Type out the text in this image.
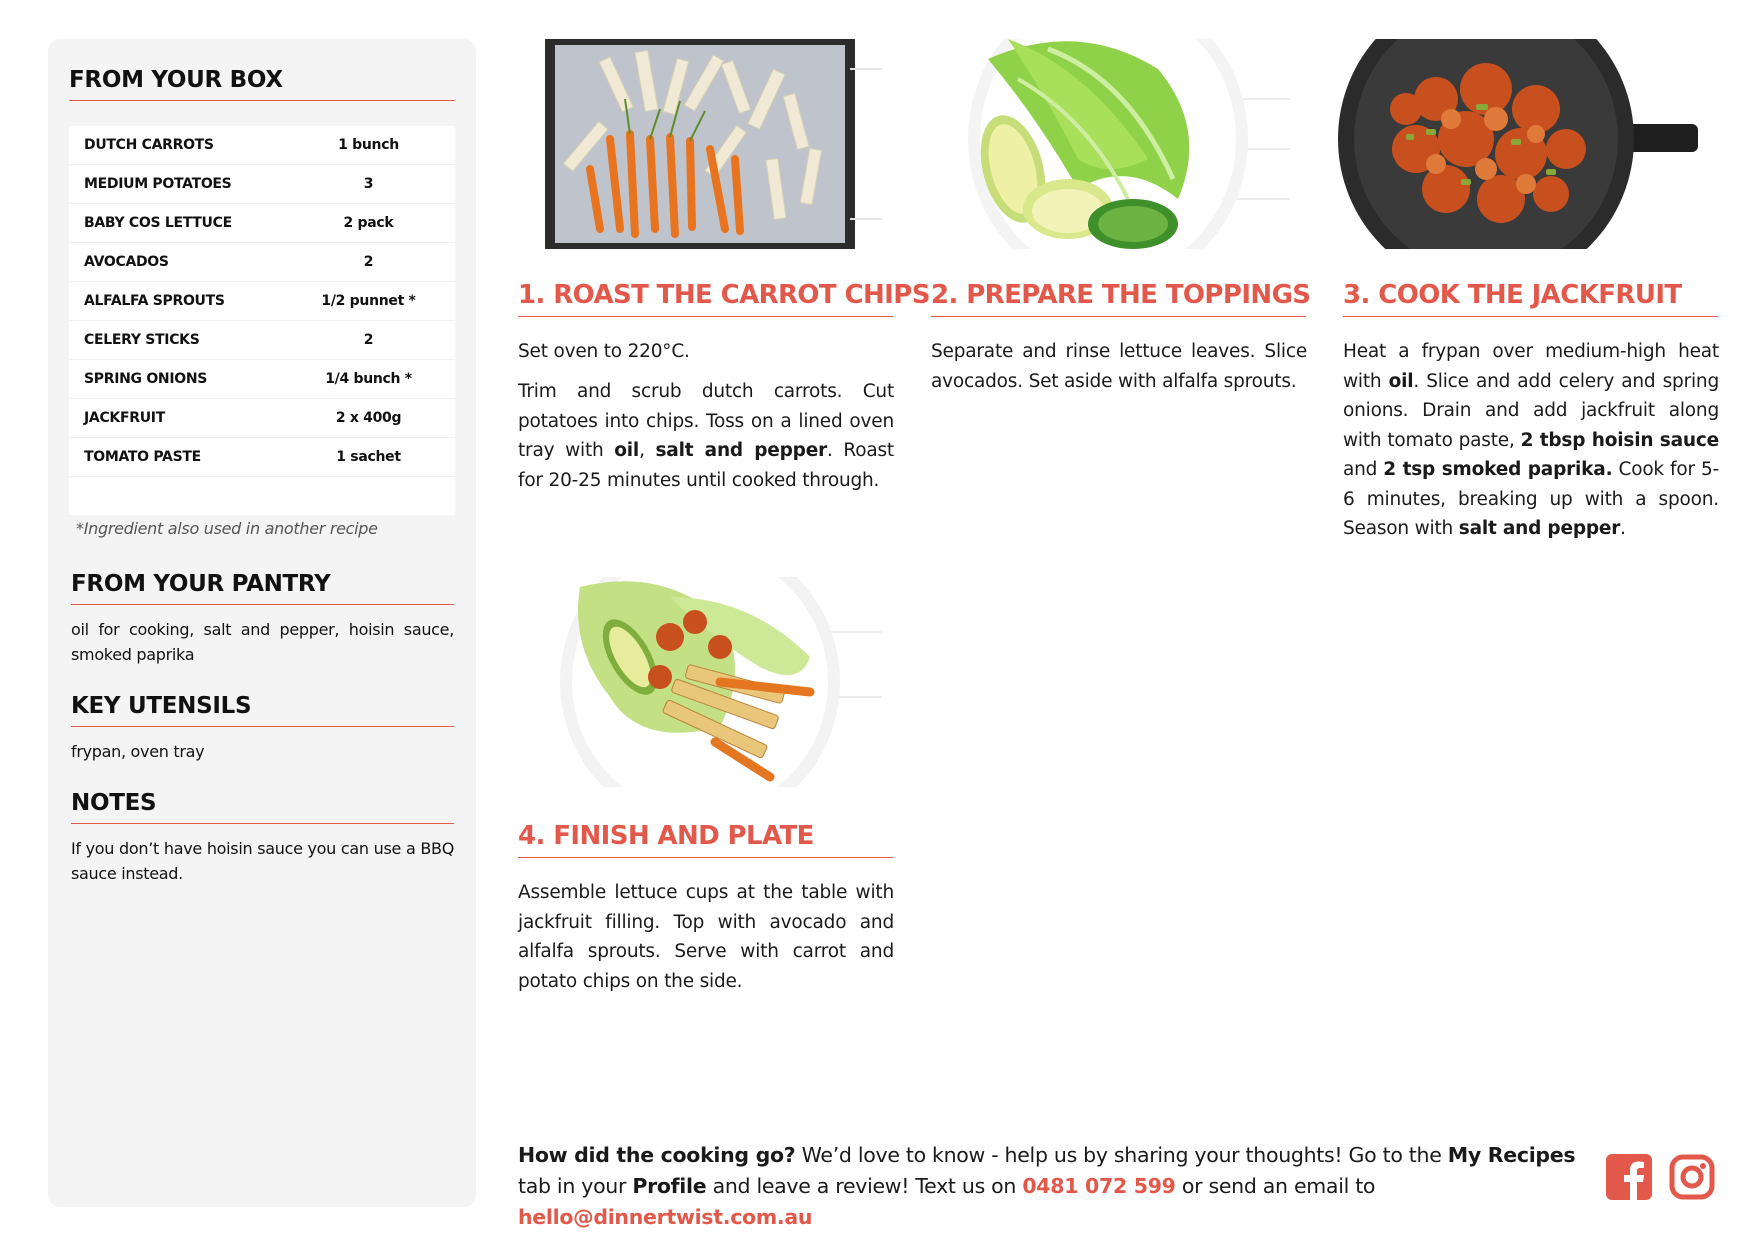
FROM YOUR BOX
DUTCH CARROTS	1 bunch
MEDIUM POTATOES	3
BABY COS LETTUCE	2 pack
AVOCADOS	2
ALFALFA SPROUTS	1/2 punnet *
CELERY STICKS	2
SPRING ONIONS	1/4 bunch *
JACKFRUIT	2 x 400g
TOMATO PASTE	1 sachet
*Ingredient also used in another recipe
FROM YOUR PANTRY

oil for cooking, salt and pepper, hoisin sauce, smoked paprika

KEY UTENSILS

frypan, oven tray

NOTES

If you don’t have hoisin sauce you can use a BBQ sauce instead.

1. ROAST THE CARROT CHIPS 2. PREPARE THE TOPPINGS 3. COOK THE JACKFRUIT
4. FINISH AND PLATE

Set oven to 220°C.

Trim and scrub dutch carrots. Cut potatoes into chips. Toss on a lined oven tray with oil, salt and pepper. Roast for 20-25 minutes until cooked through.

Separate and rinse lettuce leaves. Slice avocados. Set aside with alfalfa sprouts.

Heat a frypan over medium-high heat with oil. Slice and add celery and spring onions. Drain and add jackfruit along with tomato paste, 2 tbsp hoisin sauce and 2 tsp smoked paprika. Cook for 5-6 minutes, breaking up with a spoon. Season with salt and pepper.

Assemble lettuce cups at the table with jackfruit filling. Top with avocado and alfalfa sprouts. Serve with carrot and potato chips on the side.

How did the cooking go? We’d love to know - help us by sharing your thoughts! Go to the My Recipes tab in your Profile and leave a review! Text us on 0481 072 599 or send an email to hello@dinnertwist.com.au
